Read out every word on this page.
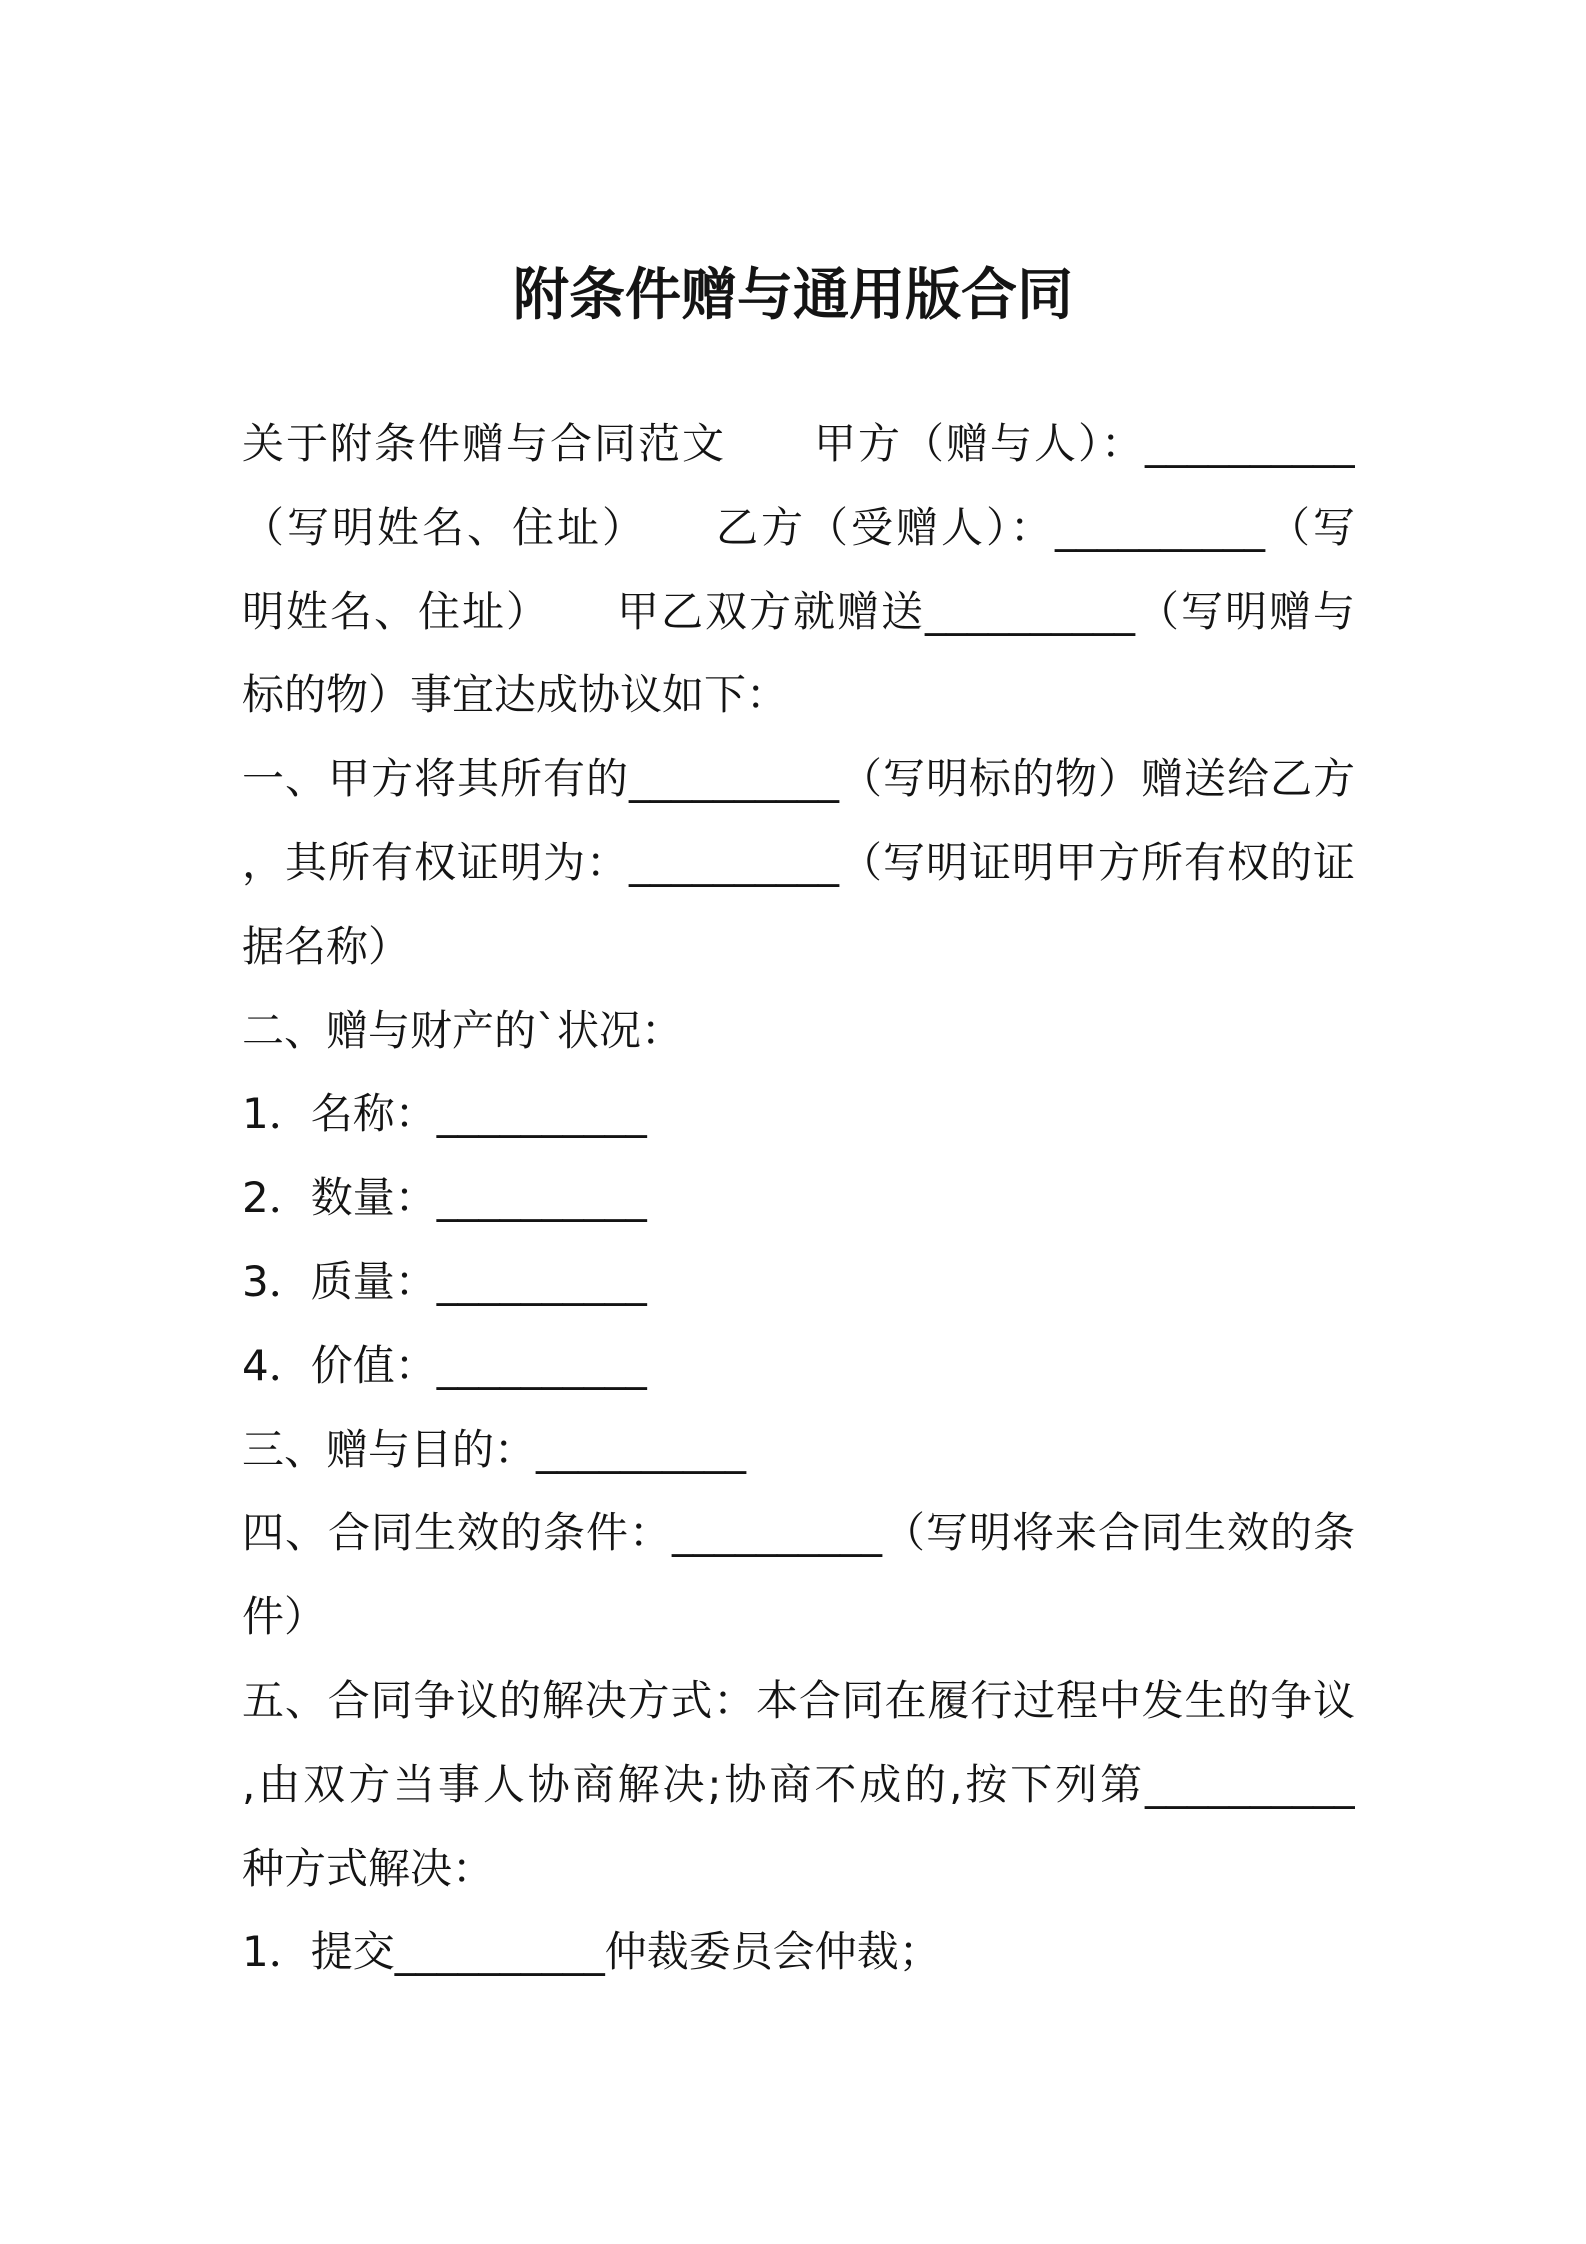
附条件赠与通用版合同
关于附条件赠与合同范文　　甲方（赠与人）：__________
（写明姓名、住址）　　乙方（受赠人）：__________（写
明姓名、住址）　　甲乙双方就赠送__________（写明赠与
标的物）事宜达成协议如下：
一、甲方将其所有的__________（写明标的物）赠送给乙方
，其所有权证明为：__________（写明证明甲方所有权的证
据名称）
二、赠与财产的`状况：
1．名称：__________
2．数量：__________
3．质量：__________
4．价值：__________
三、赠与目的：__________
四、合同生效的条件：__________（写明将来合同生效的条
件）
五、合同争议的解决方式：本合同在履行过程中发生的争议
,由双方当事人协商解决;协商不成的,按下列第__________
种方式解决：
1．提交__________仲裁委员会仲裁；
